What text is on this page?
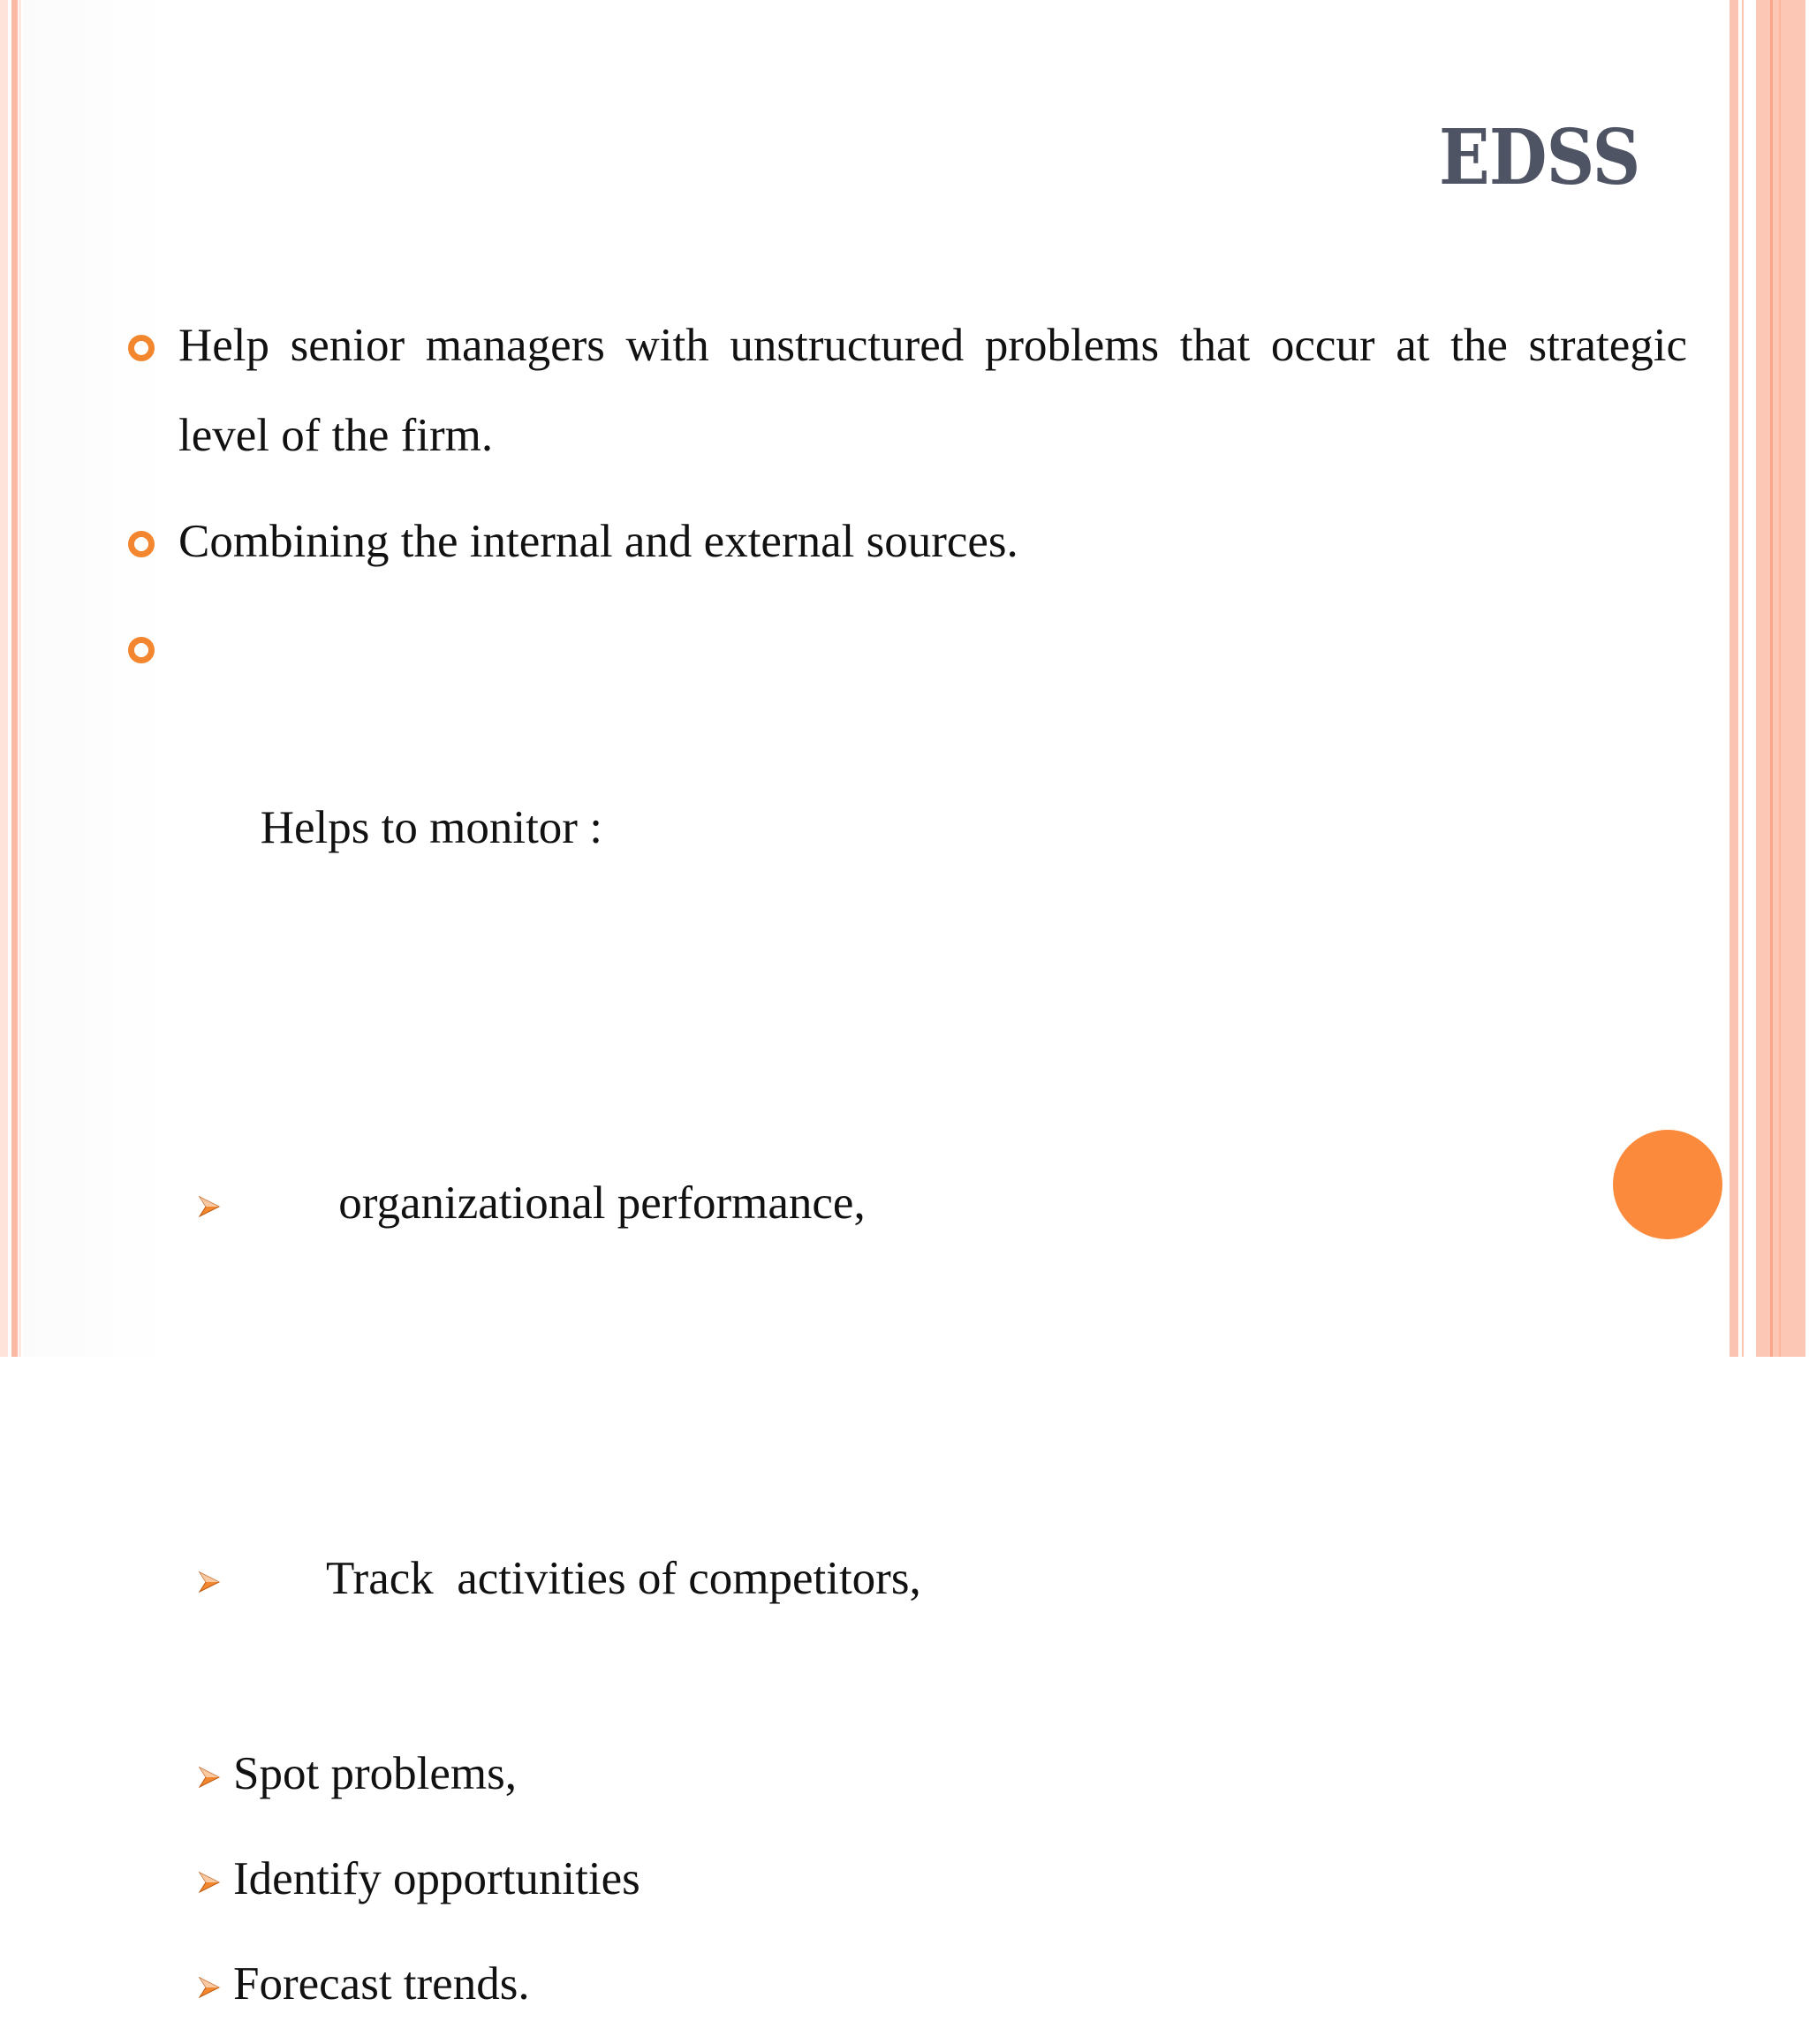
EDSS
Help senior managers with unstructured problems that occur at the strategic level of the firm.
Combining the internal and external sources.

Helps to monitor :

organizational performance,

Track  activities of competitors,

Spot problems,
Identify opportunities
Forecast trends.
